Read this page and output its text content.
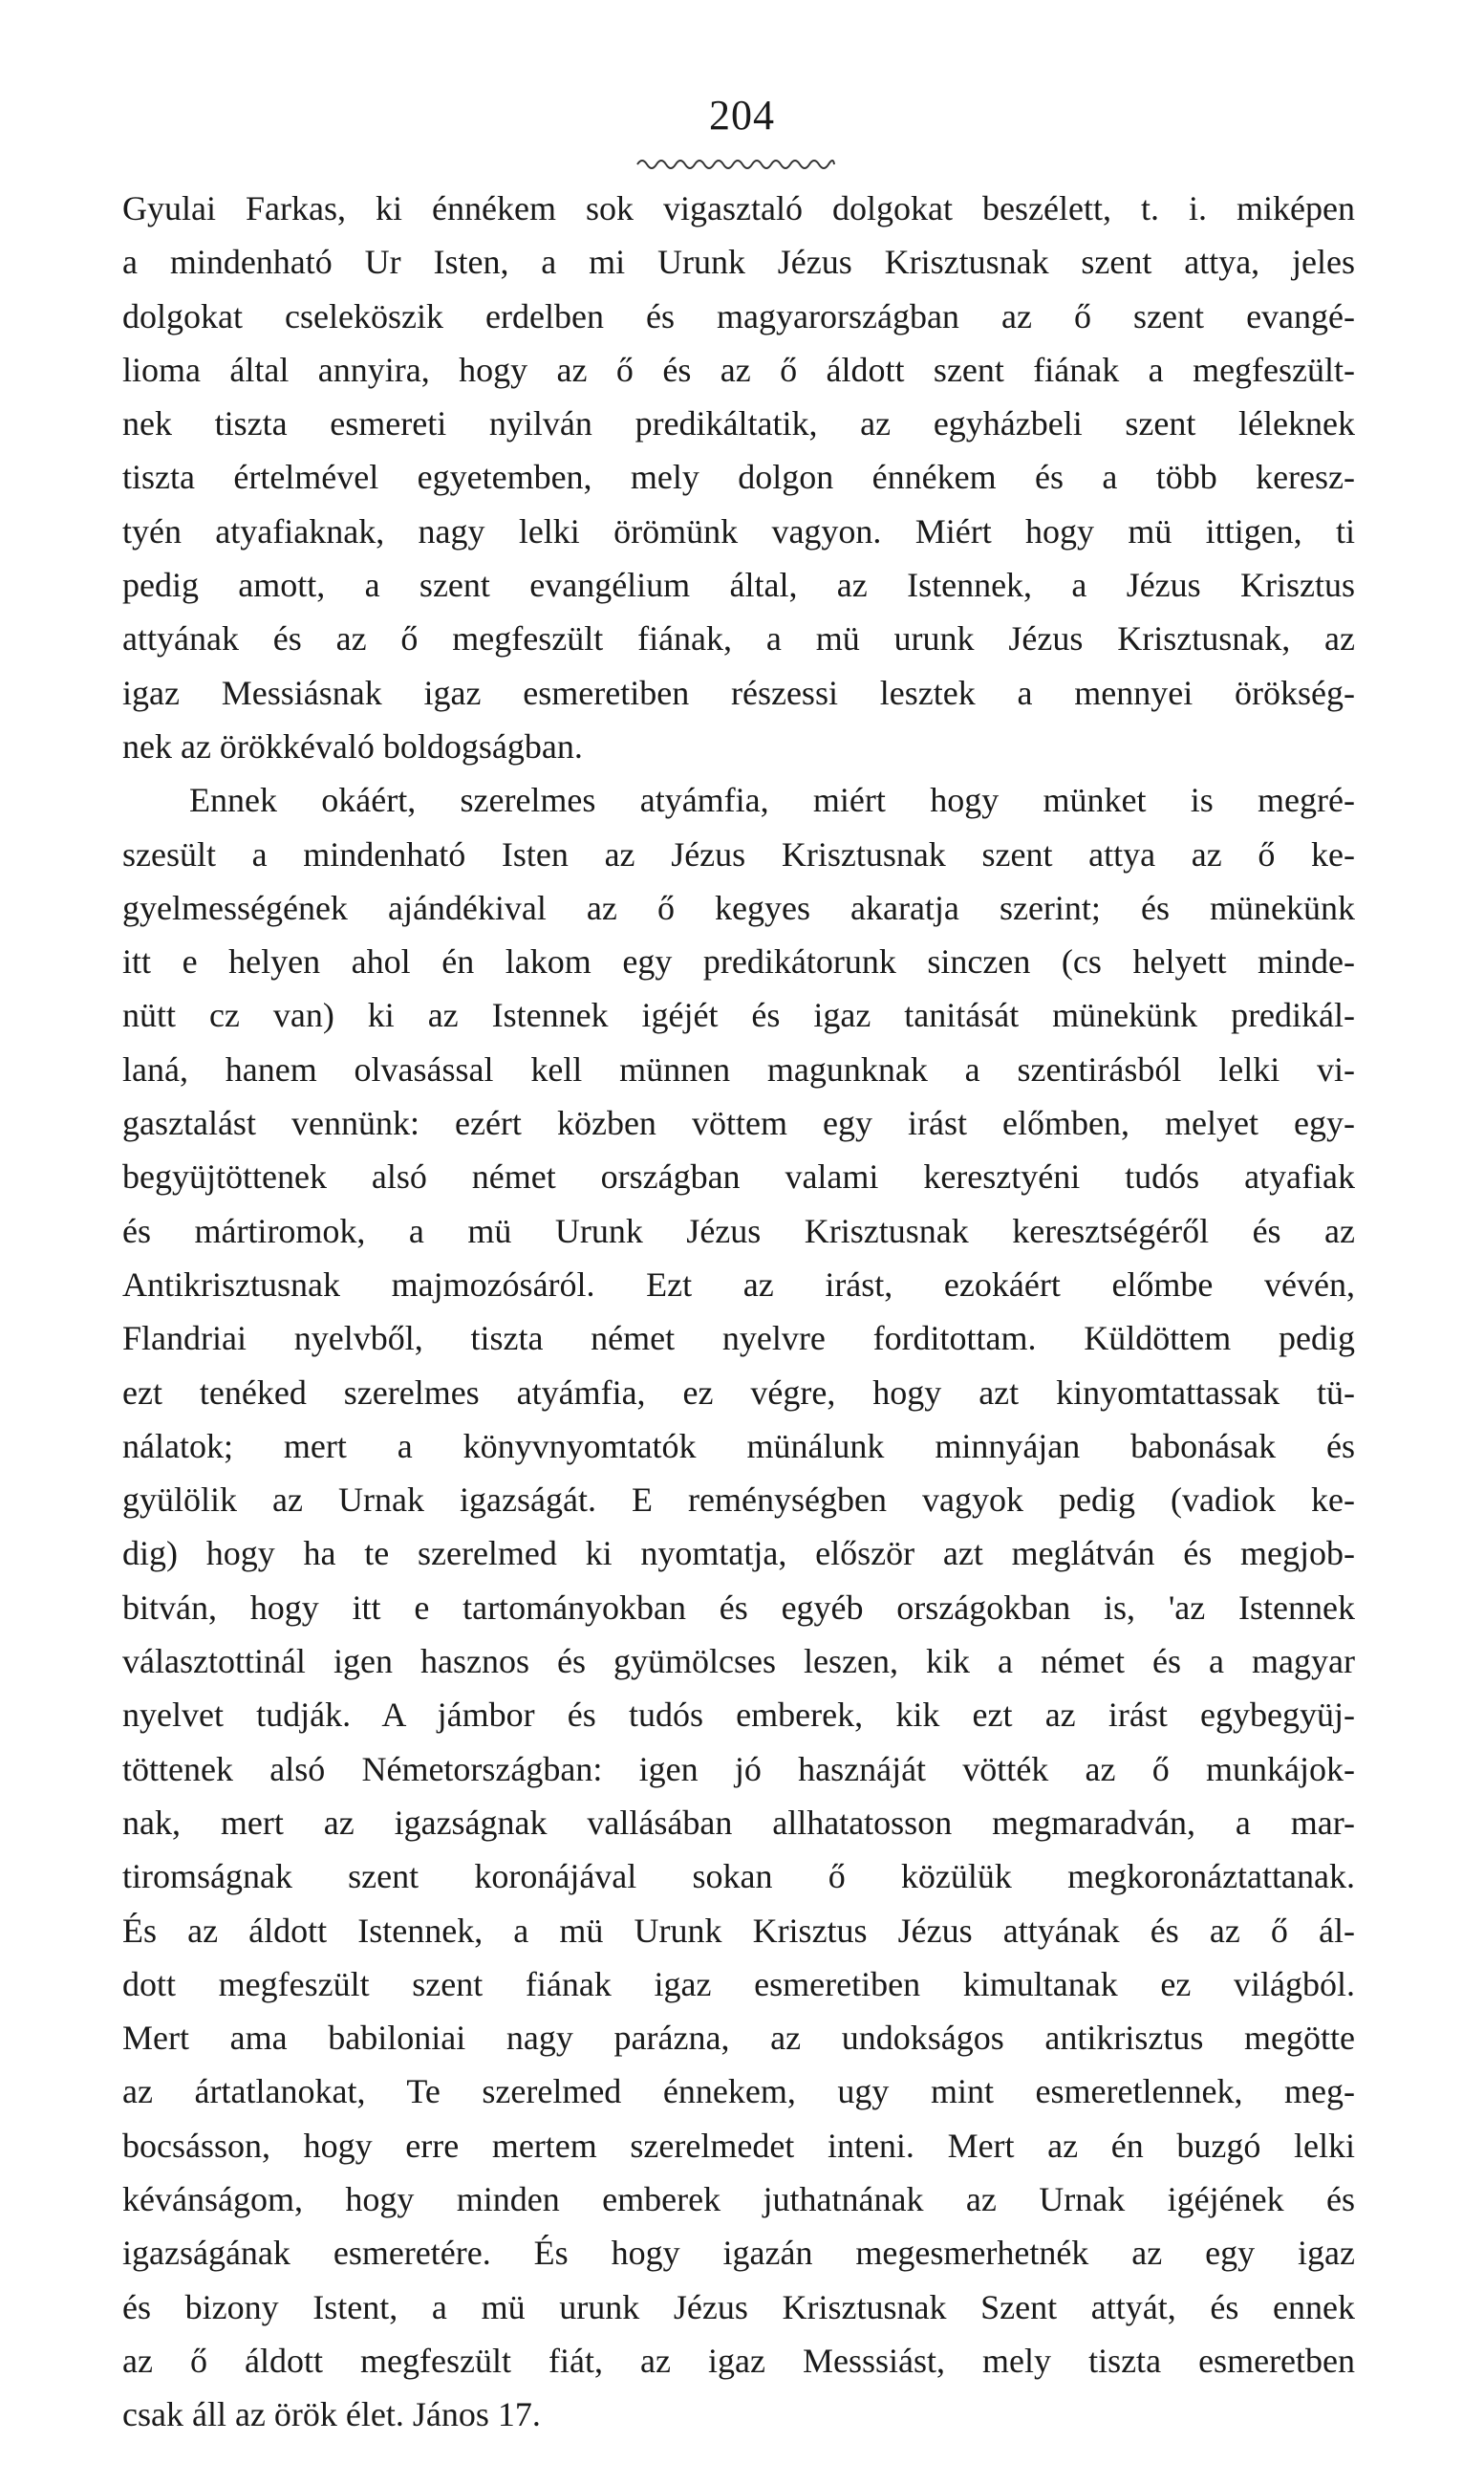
204
Gyulai Farkas, ki énnékem sok vigasztaló dolgokat beszélett, t. i. miképen
a mindenható Ur Isten, a mi Urunk Jézus Krisztusnak szent attya, jeles
dolgokat cseleköszik erdelben és magyarországban az ő szent evangé-
lioma által annyira, hogy az ő és az ő áldott szent fiának a megfeszült-
nek tiszta esmereti nyilván predikáltatik, az egyházbeli szent léleknek
tiszta értelmével egyetemben, mely dolgon énnékem és a több keresz-
tyén atyafiaknak, nagy lelki örömünk vagyon. Miért hogy mü ittigen, ti
pedig amott, a szent evangélium által, az Istennek, a Jézus Krisztus
attyának és az ő megfeszült fiának, a mü urunk Jézus Krisztusnak, az
igaz Messiásnak igaz esmeretiben részessi lesztek a mennyei örökség-
nek az örökkévaló boldogságban.
Ennek okáért, szerelmes atyámfia, miért hogy münket is megré-
szesült a mindenható Isten az Jézus Krisztusnak szent attya az ő ke-
gyelmességének ajándékival az ő kegyes akaratja szerint; és münekünk
itt e helyen ahol én lakom egy predikátorunk sinczen (cs helyett minde-
nütt cz van) ki az Istennek igéjét és igaz tanitását münekünk predikál-
laná, hanem olvasással kell münnen magunknak a szentirásból lelki vi-
gasztalást vennünk: ezért közben vöttem egy irást előmben, melyet egy-
begyüjtöttenek alsó német országban valami keresztyéni tudós atyafiak
és mártiromok, a mü Urunk Jézus Krisztusnak keresztségéről és az
Antikrisztusnak majmozósáról. Ezt az irást, ezokáért előmbe vévén,
Flandriai nyelvből, tiszta német nyelvre forditottam. Küldöttem pedig
ezt tenéked szerelmes atyámfia, ez végre, hogy azt kinyomtattassak tü-
nálatok; mert a könyvnyomtatók münálunk minnyájan babonásak és
gyülölik az Urnak igazságát. E reménységben vagyok pedig (vadiok ke-
dig) hogy ha te szerelmed ki nyomtatja, először azt meglátván és megjob-
bitván, hogy itt e tartományokban és egyéb országokban is, 'az Istennek
választottinál igen hasznos és gyümölcses leszen, kik a német és a magyar
nyelvet tudják. A jámbor és tudós emberek, kik ezt az irást egybegyüj-
töttenek alsó Németországban: igen jó hasznáját vötték az ő munkájok-
nak, mert az igazságnak vallásában allhatatosson megmaradván, a mar-
tiromságnak szent koronájával sokan ő közülük megkoronáztattanak.
És az áldott Istennek, a mü Urunk Krisztus Jézus attyának és az ő ál-
dott megfeszült szent fiának igaz esmeretiben kimultanak ez világból.
Mert ama babiloniai nagy parázna, az undokságos antikrisztus megötte
az ártatlanokat, Te szerelmed énnekem, ugy mint esmeretlennek, meg-
bocsásson, hogy erre mertem szerelmedet inteni. Mert az én buzgó lelki
kévánságom, hogy minden emberek juthatnának az Urnak igéjének és
igazságának esmeretére. És hogy igazán megesmerhetnék az egy igaz
és bizony Istent, a mü urunk Jézus Krisztusnak Szent attyát, és ennek
az ő áldott megfeszült fiát, az igaz Messsiást, mely tiszta esmeretben
csak áll az örök élet. János 17.
